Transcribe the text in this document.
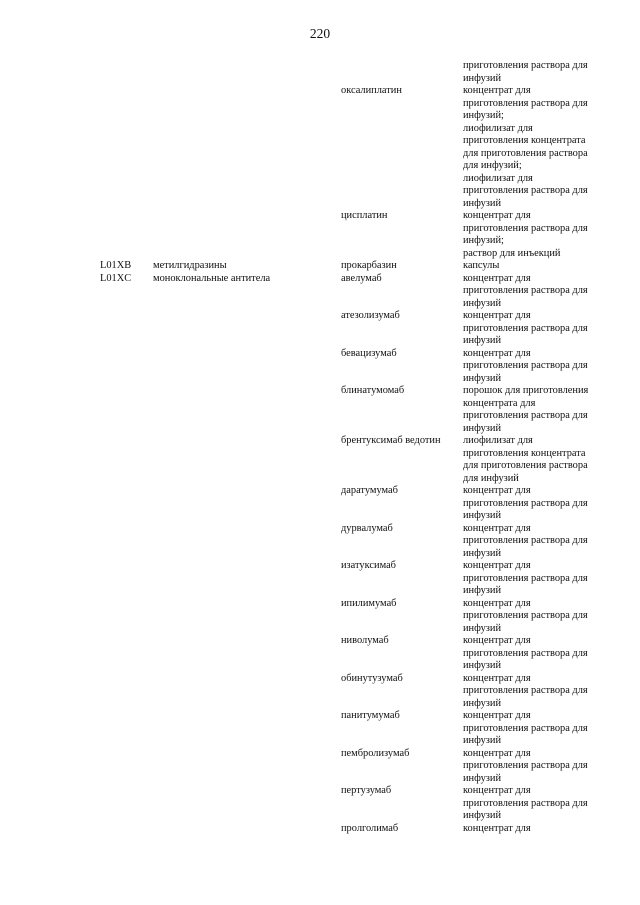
220
приготовления раствора для
инфузий
оксалиплатин	концентрат для
приготовления раствора для
инфузий;
лиофилизат для
приготовления концентрата
для приготовления раствора
для инфузий;
лиофилизат для
приготовления раствора для
инфузий
цисплатин	концентрат для
приготовления раствора для
инфузий;
раствор для инъекций
L01XB	метилгидразины	прокарбазин	капсулы
L01XC	моноклональные антитела	авелумаб	концентрат для
приготовления раствора для
инфузий
атезолизумаб	концентрат для
приготовления раствора для
инфузий
бевацизумаб	концентрат для
приготовления раствора для
инфузий
блинатумомаб	порошок для приготовления
концентрата для
приготовления раствора для
инфузий
брентуксимаб ведотин	лиофилизат для
приготовления концентрата
для приготовления раствора
для инфузий
даратумумаб	концентрат для
приготовления раствора для
инфузий
дурвалумаб	концентрат для
приготовления раствора для
инфузий
изатуксимаб	концентрат для
приготовления раствора для
инфузий
ипилимумаб	концентрат для
приготовления раствора для
инфузий
ниволумаб	концентрат для
приготовления раствора для
инфузий
обинутузумаб	концентрат для
приготовления раствора для
инфузий
панитумумаб	концентрат для
приготовления раствора для
инфузий
пембролизумаб	концентрат для
приготовления раствора для
инфузий
пертузумаб	концентрат для
приготовления раствора для
инфузий
пролголимаб	концентрат для
